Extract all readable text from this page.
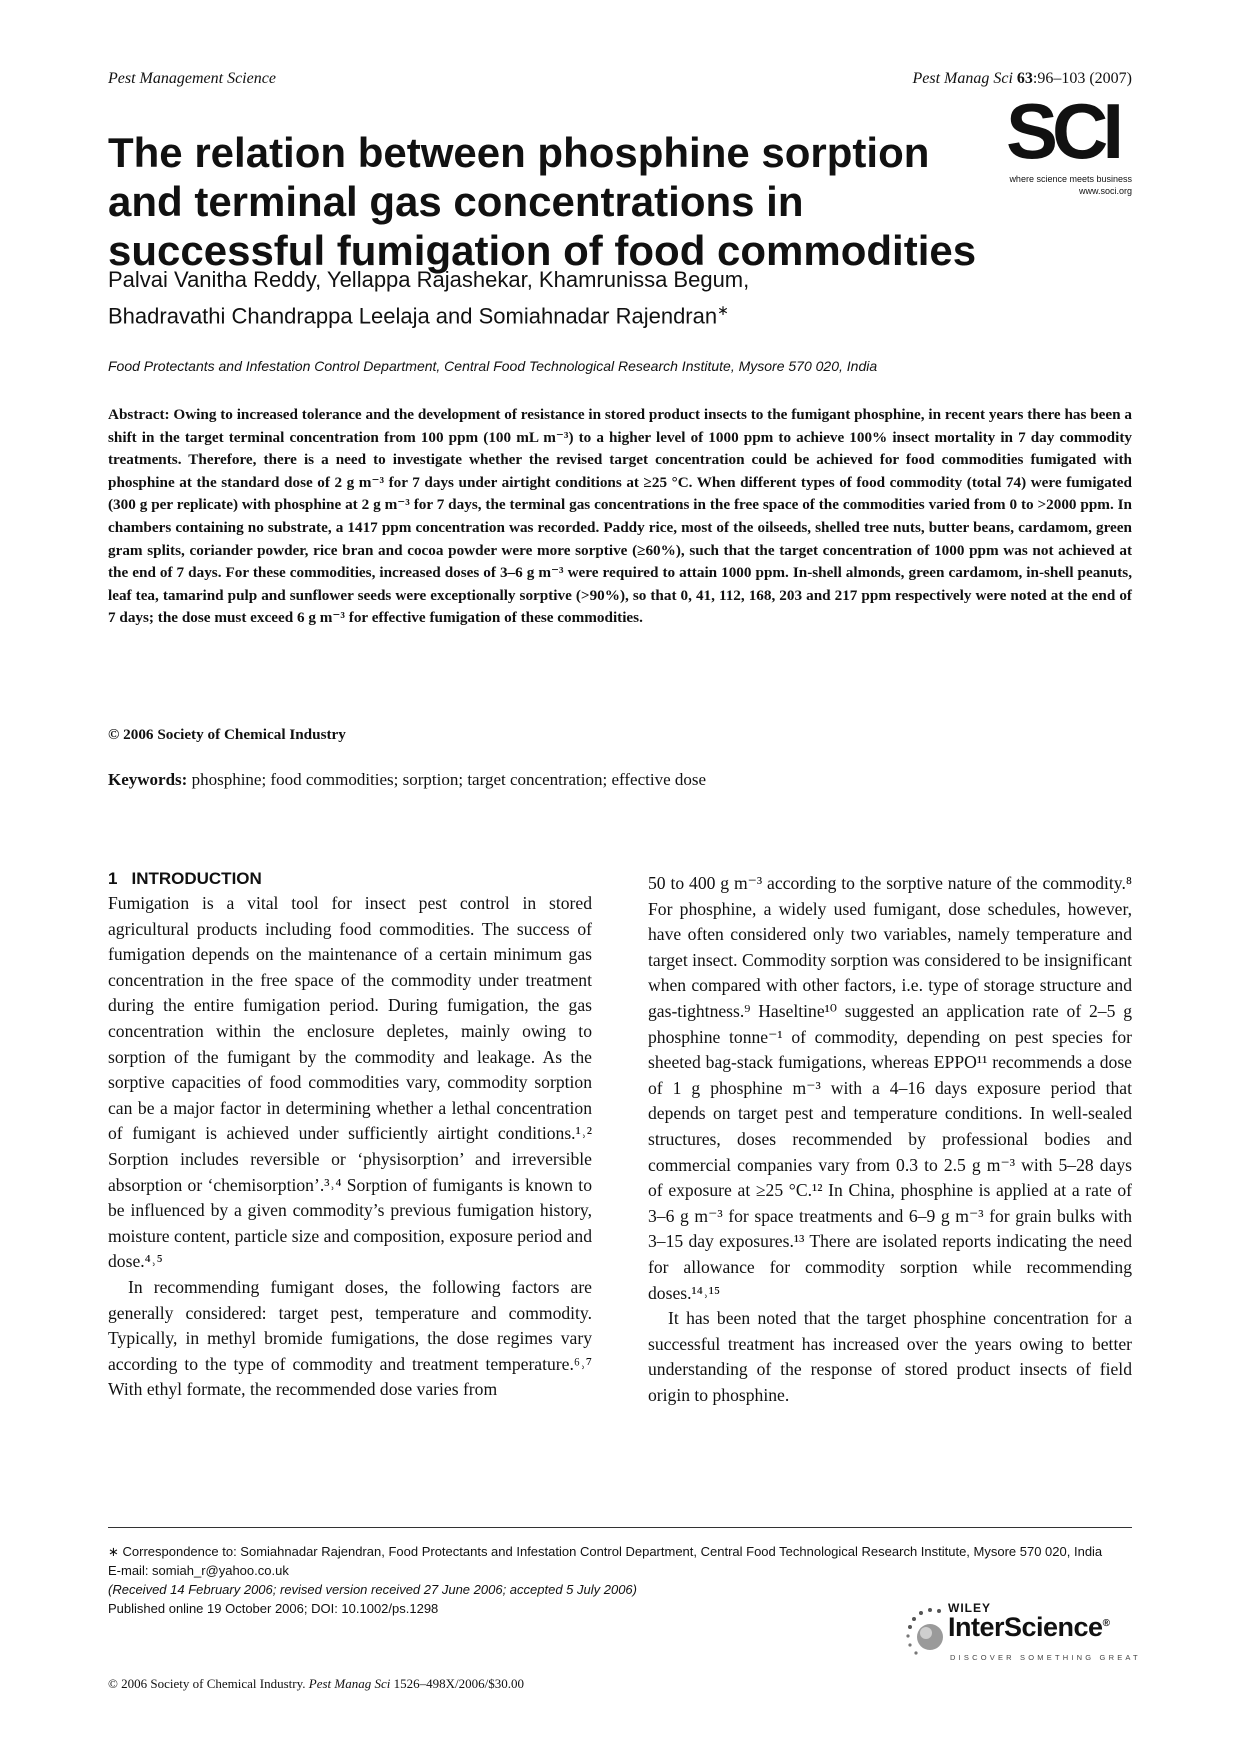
Pest Management Science	Pest Manag Sci 63:96–103 (2007)
SCI
where science meets business
www.soci.org
The relation between phosphine sorption and terminal gas concentrations in successful fumigation of food commodities
Palvai Vanitha Reddy, Yellappa Rajashekar, Khamrunissa Begum,
Bhadravathi Chandrappa Leelaja and Somiahnadar Rajendran∗
Food Protectants and Infestation Control Department, Central Food Technological Research Institute, Mysore 570 020, India
Abstract: Owing to increased tolerance and the development of resistance in stored product insects to the fumigant phosphine, in recent years there has been a shift in the target terminal concentration from 100 ppm (100 mL m⁻³) to a higher level of 1000 ppm to achieve 100% insect mortality in 7 day commodity treatments. Therefore, there is a need to investigate whether the revised target concentration could be achieved for food commodities fumigated with phosphine at the standard dose of 2 g m⁻³ for 7 days under airtight conditions at ≥25 °C. When different types of food commodity (total 74) were fumigated (300 g per replicate) with phosphine at 2 g m⁻³ for 7 days, the terminal gas concentrations in the free space of the commodities varied from 0 to >2000 ppm. In chambers containing no substrate, a 1417 ppm concentration was recorded. Paddy rice, most of the oilseeds, shelled tree nuts, butter beans, cardamom, green gram splits, coriander powder, rice bran and cocoa powder were more sorptive (≥60%), such that the target concentration of 1000 ppm was not achieved at the end of 7 days. For these commodities, increased doses of 3–6 g m⁻³ were required to attain 1000 ppm. In-shell almonds, green cardamom, in-shell peanuts, leaf tea, tamarind pulp and sunflower seeds were exceptionally sorptive (>90%), so that 0, 41, 112, 168, 203 and 217 ppm respectively were noted at the end of 7 days; the dose must exceed 6 g m⁻³ for effective fumigation of these commodities.
© 2006 Society of Chemical Industry
Keywords: phosphine; food commodities; sorption; target concentration; effective dose
1 INTRODUCTION

Fumigation is a vital tool for insect pest control in stored agricultural products including food commodities. The success of fumigation depends on the maintenance of a certain minimum gas concentration in the free space of the commodity under treatment during the entire fumigation period. During fumigation, the gas concentration within the enclosure depletes, mainly owing to sorption of the fumigant by the commodity and leakage. As the sorptive capacities of food commodities vary, commodity sorption can be a major factor in determining whether a lethal concentration of fumigant is achieved under sufficiently airtight conditions.¹˒² Sorption includes reversible or ‘physisorption’ and irreversible absorption or ‘chemisorption’.³˒⁴ Sorption of fumigants is known to be influenced by a given commodity’s previous fumigation history, moisture content, particle size and composition, exposure period and dose.⁴˒⁵

In recommending fumigant doses, the following factors are generally considered: target pest, temperature and commodity. Typically, in methyl bromide fumigations, the dose regimes vary according to the type of commodity and treatment temperature.⁶˒⁷ With ethyl formate, the recommended dose varies from

50 to 400 g m⁻³ according to the sorptive nature of the commodity.⁸ For phosphine, a widely used fumigant, dose schedules, however, have often considered only two variables, namely temperature and target insect. Commodity sorption was considered to be insignificant when compared with other factors, i.e. type of storage structure and gas-tightness.⁹ Haseltine¹⁰ suggested an application rate of 2–5 g phosphine tonne⁻¹ of commodity, depending on pest species for sheeted bag-stack fumigations, whereas EPPO¹¹ recommends a dose of 1 g phosphine m⁻³ with a 4–16 days exposure period that depends on target pest and temperature conditions. In well-sealed structures, doses recommended by professional bodies and commercial companies vary from 0.3 to 2.5 g m⁻³ with 5–28 days of exposure at ≥25 °C.¹² In China, phosphine is applied at a rate of 3–6 g m⁻³ for space treatments and 6–9 g m⁻³ for grain bulks with 3–15 day exposures.¹³ There are isolated reports indicating the need for allowance for commodity sorption while recommending doses.¹⁴˒¹⁵

It has been noted that the target phosphine concentration for a successful treatment has increased over the years owing to better understanding of the response of stored product insects of field origin to phosphine.

∗ Correspondence to: Somiahnadar Rajendran, Food Protectants and Infestation Control Department, Central Food Technological Research Institute, Mysore 570 020, India
E-mail: somiah_r@yahoo.co.uk
(Received 14 February 2006; revised version received 27 June 2006; accepted 5 July 2006)
Published online 19 October 2006; DOI: 10.1002/ps.1298
© 2006 Society of Chemical Industry. Pest Manag Sci 1526–498X/2006/$30.00
WILEY
InterScience®
DISCOVER SOMETHING GREAT
